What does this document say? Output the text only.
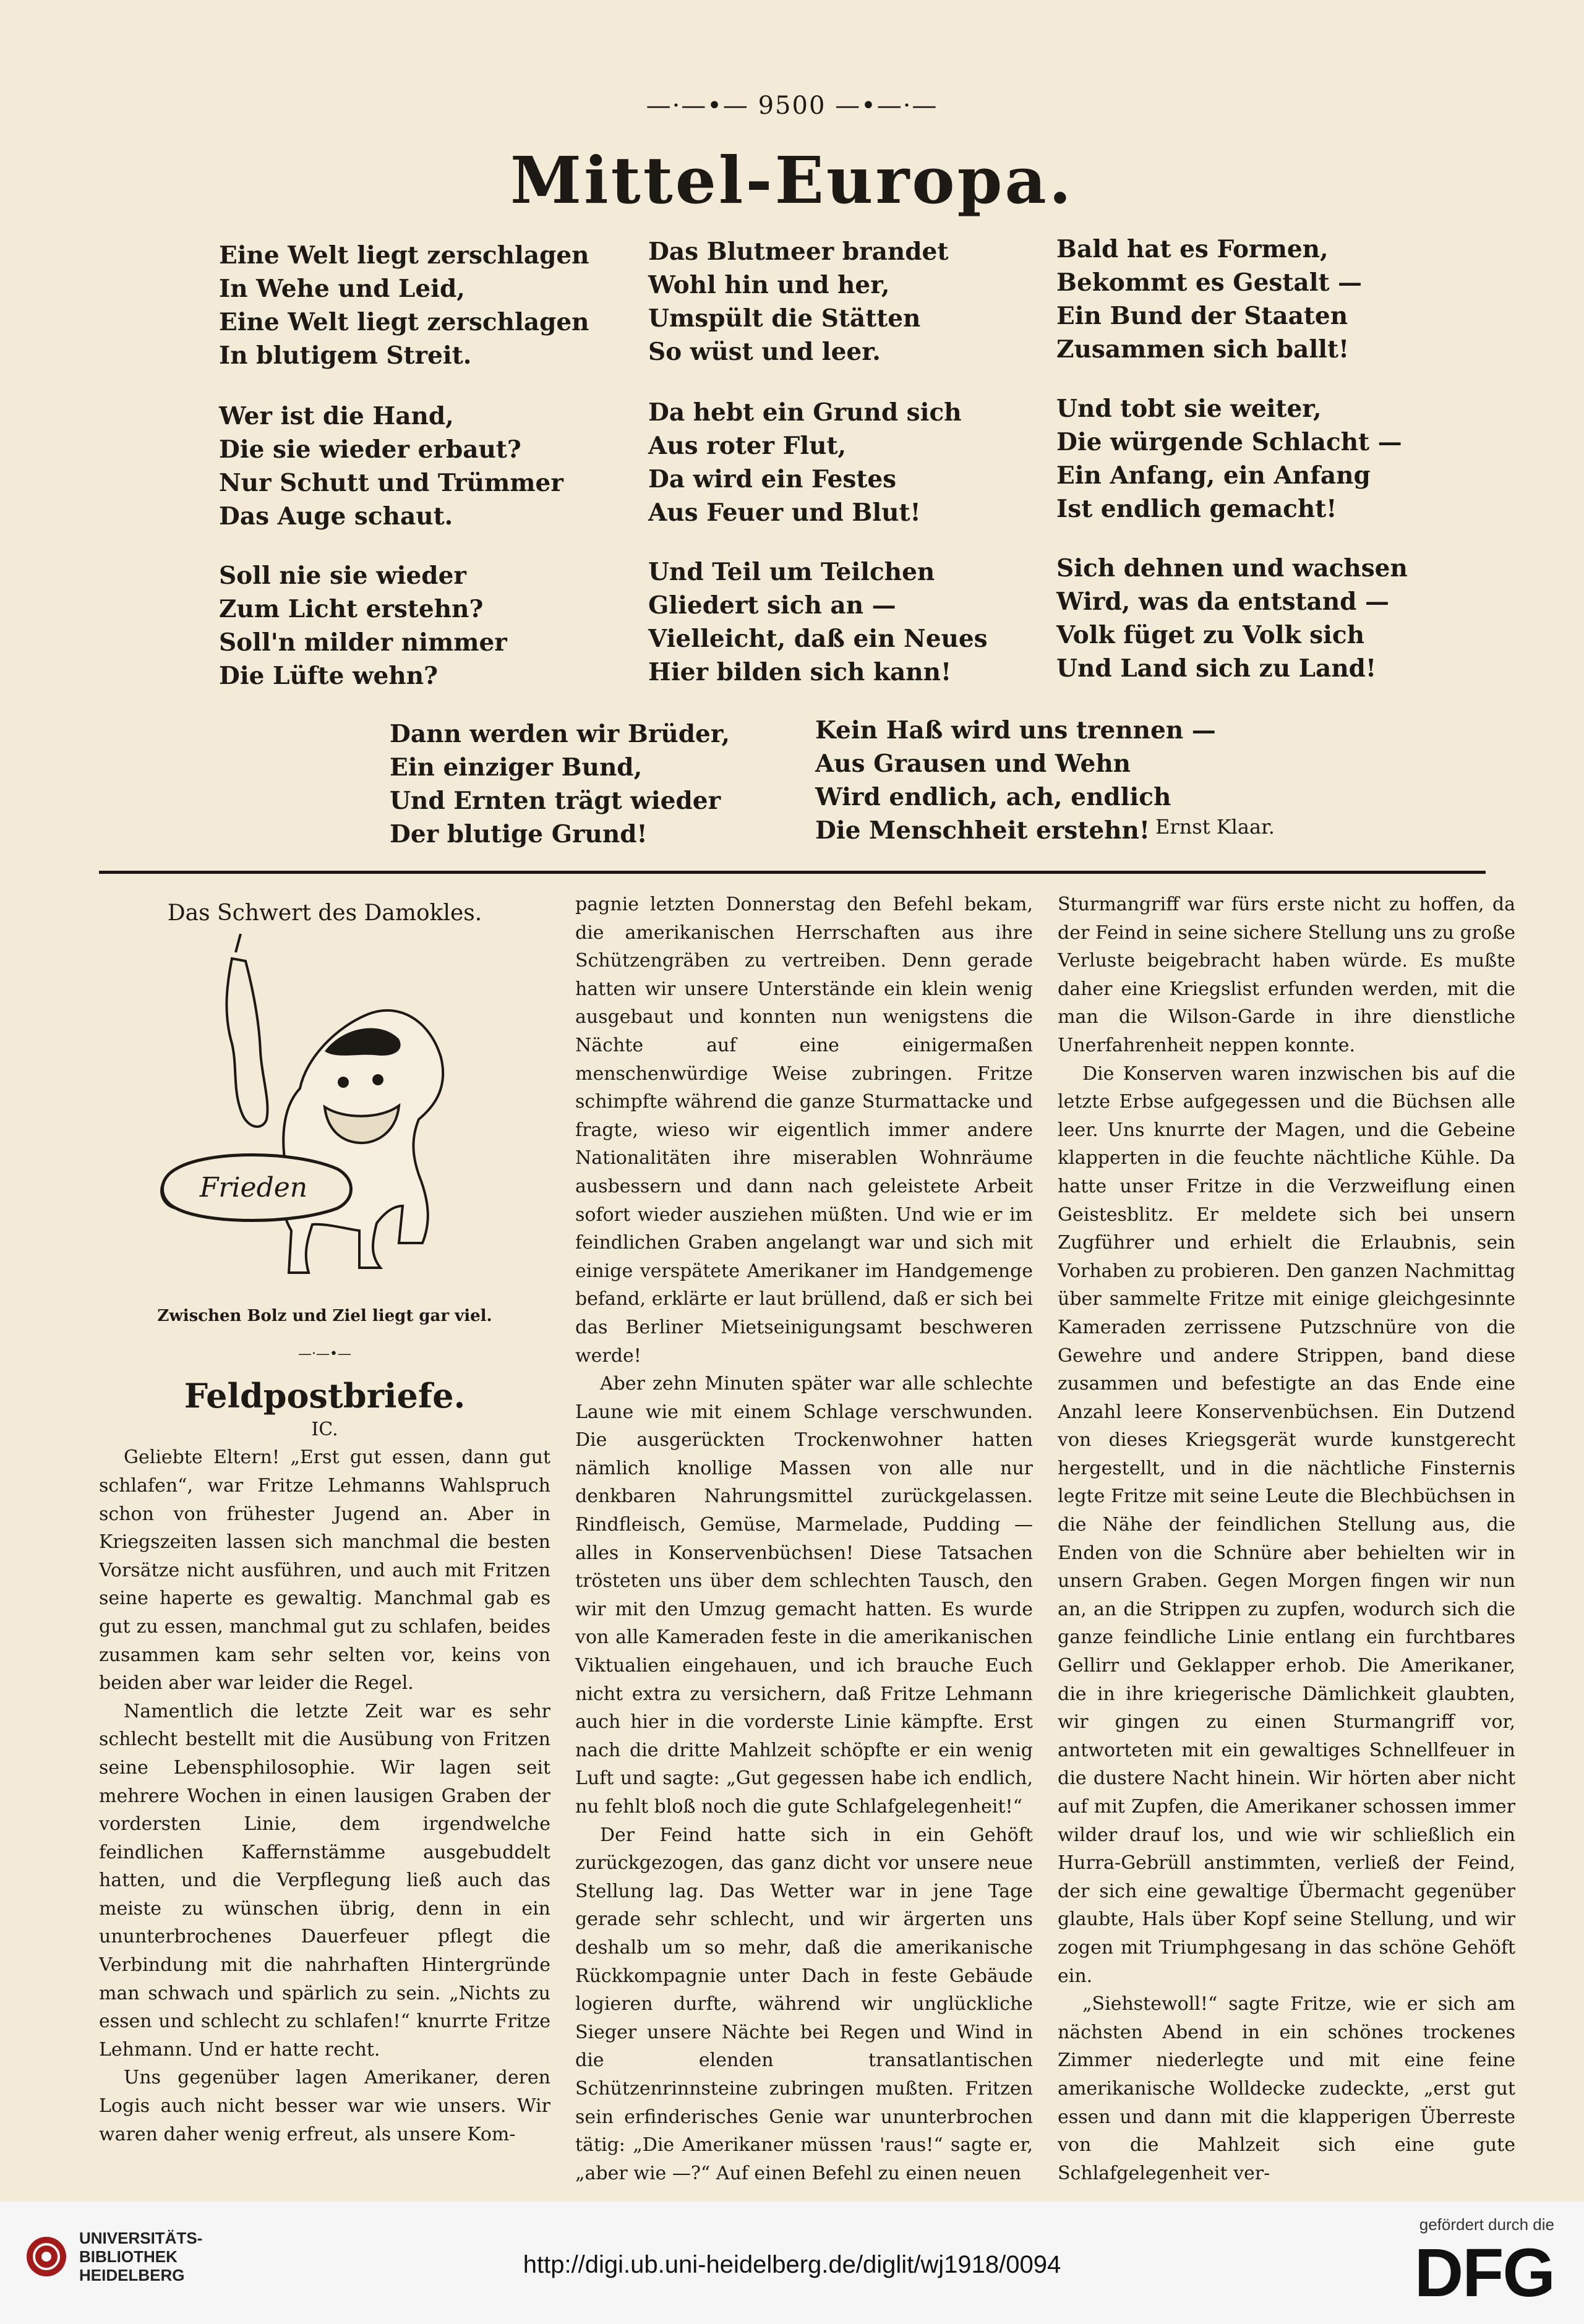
—·—•— 9500 —•—·—
Mittel-Europa.
Eine Welt liegt zerschlagen
In Wehe und Leid,
Eine Welt liegt zerschlagen
In blutigem Streit.
Wer ist die Hand,
Die sie wieder erbaut?
Nur Schutt und Trümmer
Das Auge schaut.
Soll nie sie wieder
Zum Licht erstehn?
Soll'n milder nimmer
Die Lüfte wehn?
Das Blutmeer brandet
Wohl hin und her,
Umspült die Stätten
So wüst und leer.
Da hebt ein Grund sich
Aus roter Flut,
Da wird ein Festes
Aus Feuer und Blut!
Und Teil um Teilchen
Gliedert sich an —
Vielleicht, daß ein Neues
Hier bilden sich kann!
Bald hat es Formen,
Bekommt es Gestalt —
Ein Bund der Staaten
Zusammen sich ballt!
Und tobt sie weiter,
Die würgende Schlacht —
Ein Anfang, ein Anfang
Ist endlich gemacht!
Sich dehnen und wachsen
Wird, was da entstand —
Volk füget zu Volk sich
Und Land sich zu Land!
Dann werden wir Brüder,
Ein einziger Bund,
Und Ernten trägt wieder
Der blutige Grund!
Kein Haß wird uns trennen —
Aus Grausen und Wehn
Wird endlich, ach, endlich
Die Menschheit erstehn! Ernst Klaar.
Das Schwert des Damokles.
Frieden
Zwischen Bolz und Ziel liegt gar viel.
—·—•—
Feldpostbriefe.
IC.

Geliebte Eltern! „Erst gut essen, dann gut schlafen“, war Fritze Lehmanns Wahlspruch schon von frühester Jugend an. Aber in Kriegszeiten lassen sich manchmal die besten Vorsätze nicht ausführen, und auch mit Fritzen seine haperte es gewaltig. Manchmal gab es gut zu essen, manchmal gut zu schlafen, beides zusammen kam sehr selten vor, keins von beiden aber war leider die Regel.

Namentlich die letzte Zeit war es sehr schlecht bestellt mit die Ausübung von Fritzen seine Lebensphilosophie. Wir lagen seit mehrere Wochen in einen lausigen Graben der vordersten Linie, dem irgendwelche feindlichen Kaffernstämme ausgebuddelt hatten, und die Verpflegung ließ auch das meiste zu wünschen übrig, denn in ein ununterbrochenes Dauerfeuer pflegt die Verbindung mit die nahrhaften Hintergründe man schwach und spärlich zu sein. „Nichts zu essen und schlecht zu schlafen!“ knurrte Fritze Lehmann. Und er hatte recht.

Uns gegenüber lagen Amerikaner, deren Logis auch nicht besser war wie unsers. Wir waren daher wenig erfreut, als unsere Kom-

pagnie letzten Donnerstag den Befehl bekam, die amerikanischen Herrschaften aus ihre Schützengräben zu vertreiben. Denn gerade hatten wir unsere Unterstände ein klein wenig ausgebaut und konnten nun wenigstens die Nächte auf eine einigermaßen menschenwürdige Weise zubringen. Fritze schimpfte während die ganze Sturmattacke und fragte, wieso wir eigentlich immer andere Nationalitäten ihre miserablen Wohnräume ausbessern und dann nach geleistete Arbeit sofort wieder ausziehen müßten. Und wie er im feindlichen Graben angelangt war und sich mit einige verspätete Amerikaner im Handgemenge befand, erklärte er laut brüllend, daß er sich bei das Berliner Mietseinigungsamt beschweren werde!

Aber zehn Minuten später war alle schlechte Laune wie mit einem Schlage verschwunden. Die ausgerückten Trockenwohner hatten nämlich knollige Massen von alle nur denkbaren Nahrungsmittel zurückgelassen. Rindfleisch, Gemüse, Marmelade, Pudding — alles in Konservenbüchsen! Diese Tatsachen trösteten uns über dem schlechten Tausch, den wir mit den Umzug gemacht hatten. Es wurde von alle Kameraden feste in die amerikanischen Viktualien eingehauen, und ich brauche Euch nicht extra zu versichern, daß Fritze Lehmann auch hier in die vorderste Linie kämpfte. Erst nach die dritte Mahlzeit schöpfte er ein wenig Luft und sagte: „Gut gegessen habe ich endlich, nu fehlt bloß noch die gute Schlafgelegenheit!“

Der Feind hatte sich in ein Gehöft zurückgezogen, das ganz dicht vor unsere neue Stellung lag. Das Wetter war in jene Tage gerade sehr schlecht, und wir ärgerten uns deshalb um so mehr, daß die amerikanische Rückkompagnie unter Dach in feste Gebäude logieren durfte, während wir unglückliche Sieger unsere Nächte bei Regen und Wind in die elenden transatlantischen Schützenrinnsteine zubringen mußten. Fritzen sein erfinderisches Genie war ununterbrochen tätig: „Die Amerikaner müssen 'raus!“ sagte er, „aber wie —?“ Auf einen Befehl zu einen neuen

Sturmangriff war fürs erste nicht zu hoffen, da der Feind in seine sichere Stellung uns zu große Verluste beigebracht haben würde. Es mußte daher eine Kriegslist erfunden werden, mit die man die Wilson-Garde in ihre dienstliche Unerfahrenheit neppen konnte.

Die Konserven waren inzwischen bis auf die letzte Erbse aufgegessen und die Büchsen alle leer. Uns knurrte der Magen, und die Gebeine klapperten in die feuchte nächtliche Kühle. Da hatte unser Fritze in die Verzweiflung einen Geistesblitz. Er meldete sich bei unsern Zugführer und erhielt die Erlaubnis, sein Vorhaben zu probieren. Den ganzen Nachmittag über sammelte Fritze mit einige gleichgesinnte Kameraden zerrissene Putzschnüre von die Gewehre und andere Strippen, band diese zusammen und befestigte an das Ende eine Anzahl leere Konservenbüchsen. Ein Dutzend von dieses Kriegsgerät wurde kunstgerecht hergestellt, und in die nächtliche Finsternis legte Fritze mit seine Leute die Blechbüchsen in die Nähe der feindlichen Stellung aus, die Enden von die Schnüre aber behielten wir in unsern Graben. Gegen Morgen fingen wir nun an, an die Strippen zu zupfen, wodurch sich die ganze feindliche Linie entlang ein furchtbares Gellirr und Geklapper erhob. Die Amerikaner, die in ihre kriegerische Dämlichkeit glaubten, wir gingen zu einen Sturmangriff vor, antworteten mit ein gewaltiges Schnellfeuer in die dustere Nacht hinein. Wir hörten aber nicht auf mit Zupfen, die Amerikaner schossen immer wilder drauf los, und wie wir schließlich ein Hurra-Gebrüll anstimmten, verließ der Feind, der sich eine gewaltige Übermacht gegenüber glaubte, Hals über Kopf seine Stellung, und wir zogen mit Triumphgesang in das schöne Gehöft ein.

„Siehstewoll!“ sagte Fritze, wie er sich am nächsten Abend in ein schönes trockenes Zimmer niederlegte und mit eine feine amerikanische Wolldecke zudeckte, „erst gut essen und dann mit die klapperigen Überreste von die Mahlzeit sich eine gute Schlafgelegenheit ver-

UNIVERSITÄTS-
BIBLIOTHEK
HEIDELBERG	http://digi.ub.uni-heidelberg.de/diglit/wj1918/0094
gefördert durch die
DFG
